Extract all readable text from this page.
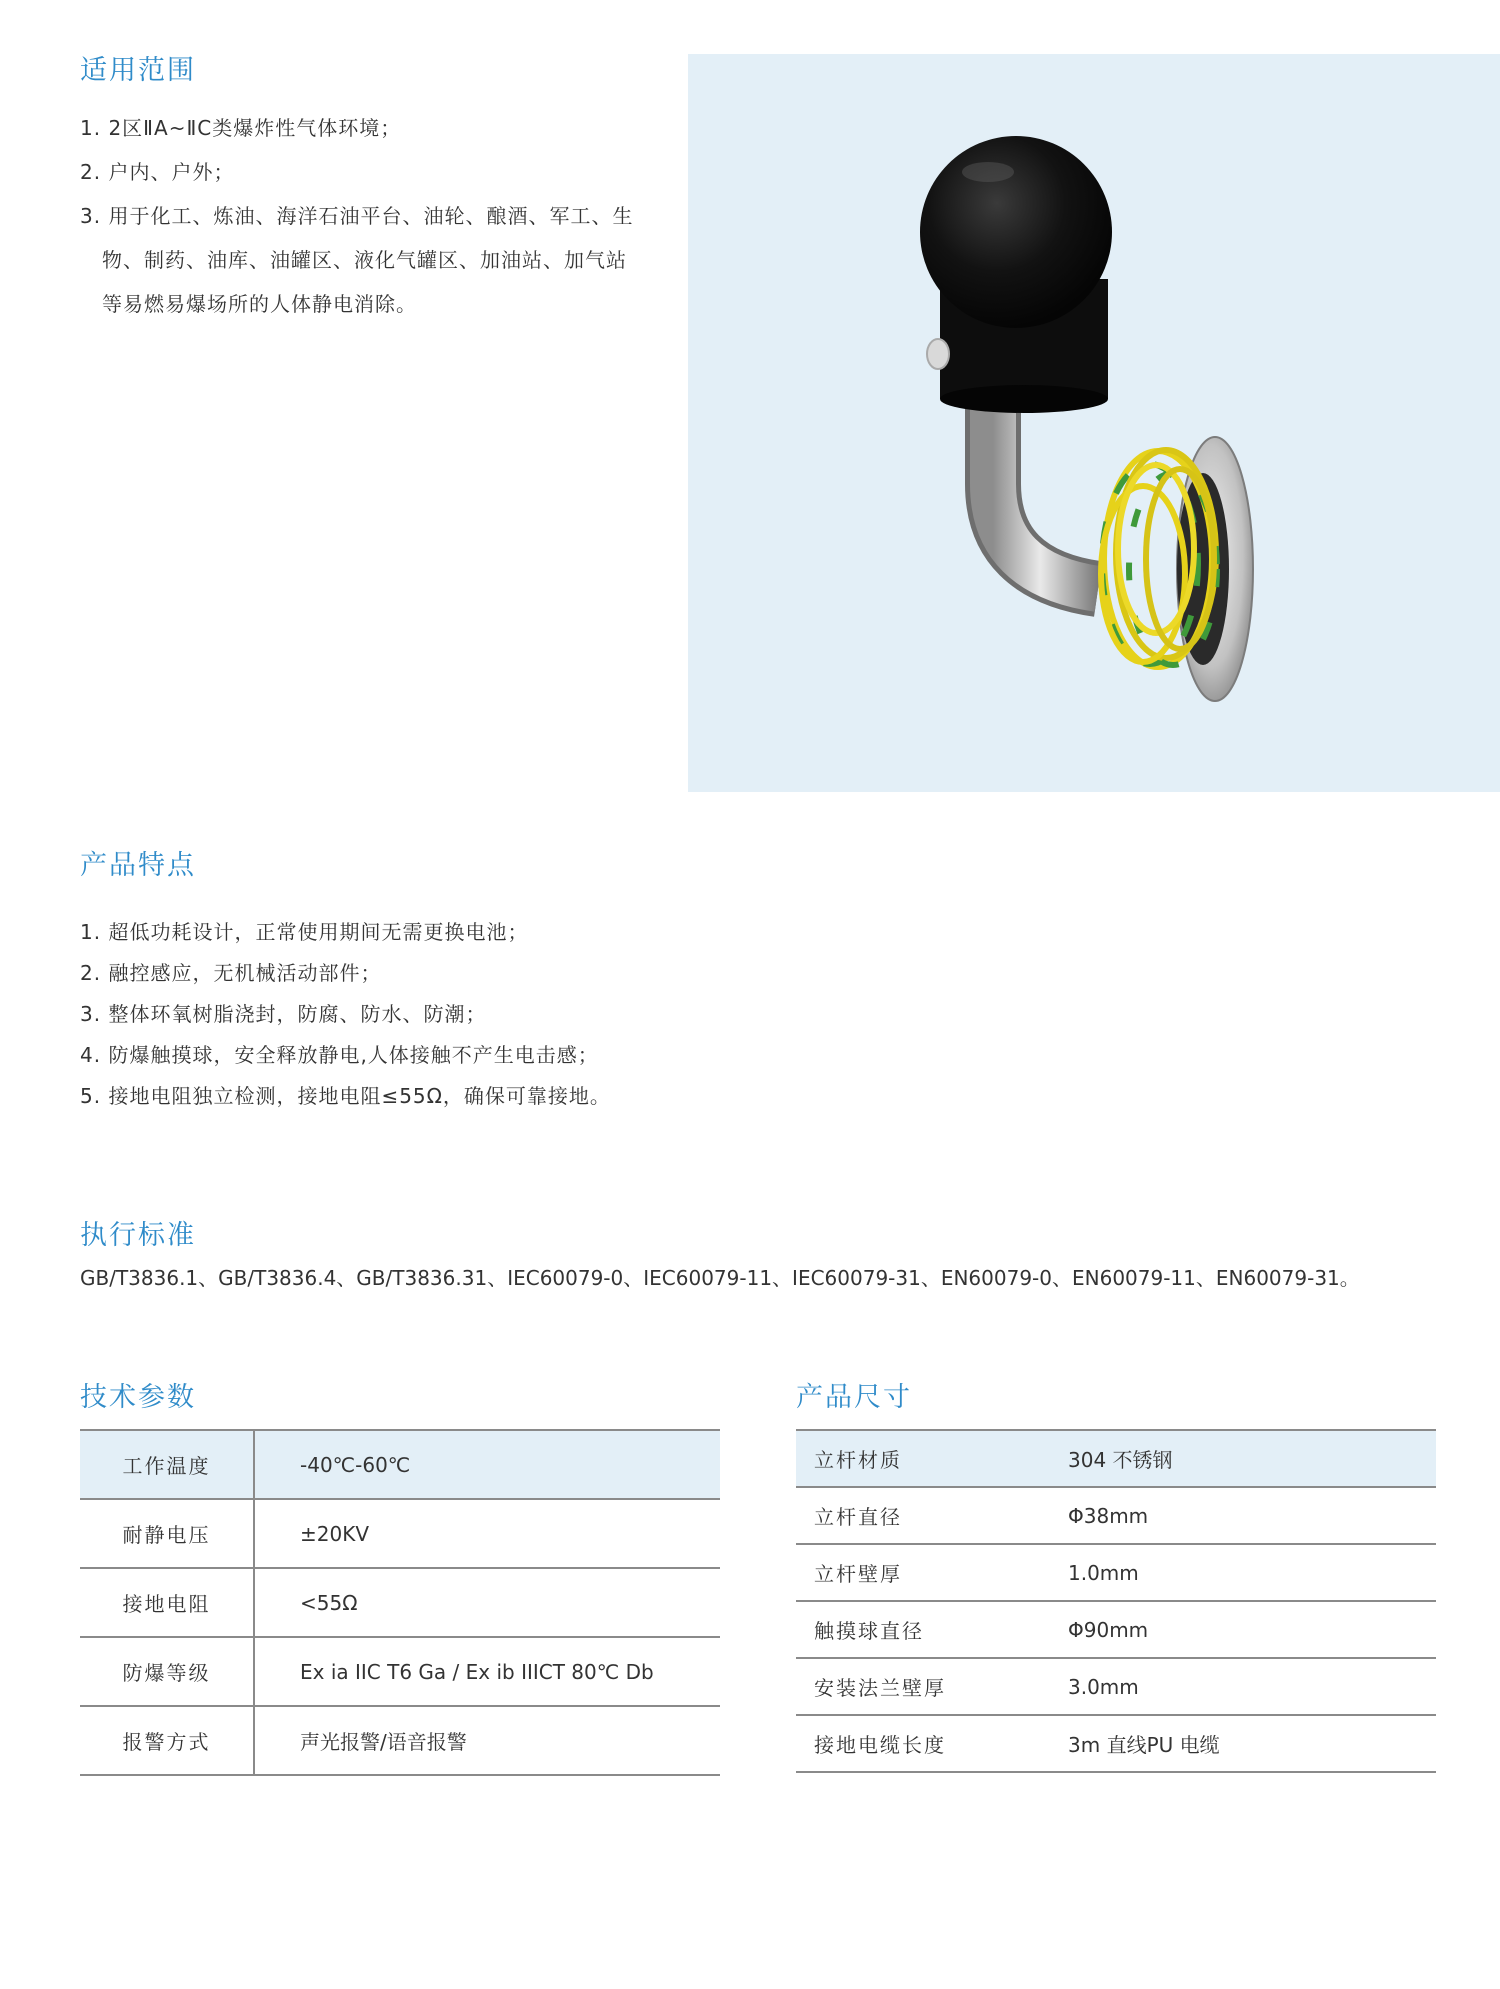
适用范围
1. 2区ⅡA~ⅡC类爆炸性气体环境；
2. 户内、户外；
3. 用于化工、炼油、海洋石油平台、油轮、酿酒、军工、生物、制药、油库、油罐区、液化气罐区、加油站、加气站等易燃易爆场所的人体静电消除。
产品特点
1. 超低功耗设计，正常使用期间无需更换电池；
2. 融控感应，无机械活动部件；
3. 整体环氧树脂浇封，防腐、防水、防潮；
4. 防爆触摸球，安全释放静电,人体接触不产生电击感；
5. 接地电阻独立检测，接地电阻≤55Ω，确保可靠接地。
执行标准
GB/T3836.1、GB/T3836.4、GB/T3836.31、IEC60079-0、IEC60079-11、IEC60079-31、EN60079-0、EN60079-11、EN60079-31。
技术参数
工作温度	-40℃-60℃
耐静电压	±20KV
接地电阻	<55Ω
防爆等级	Ex ia IIC T6 Ga / Ex ib IIICT 80℃ Db
报警方式	声光报警/语音报警
产品尺寸
立杆材质	304 不锈钢
立杆直径	Φ38mm
立杆壁厚	1.0mm
触摸球直径	Φ90mm
安装法兰壁厚	3.0mm
接地电缆长度	3m 直线PU 电缆
